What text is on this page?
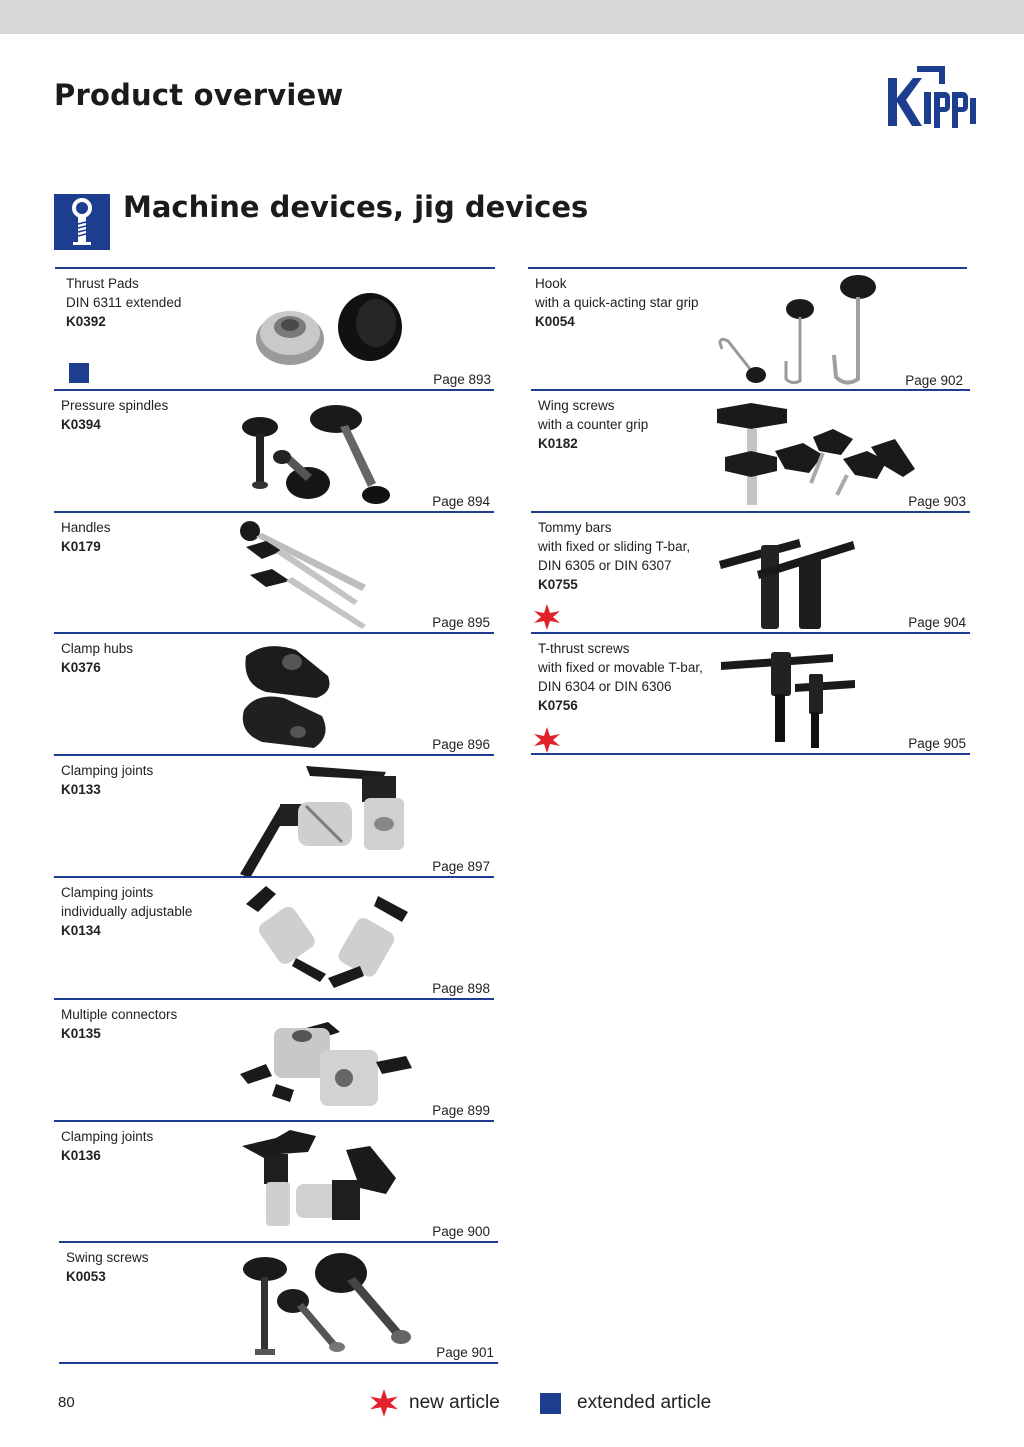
Product overview
Machine devices, jig devices
Thrust Pads
DIN 6311 extended
K0392
Page 893
Pressure spindles
K0394
Page 894
Handles
K0179
Page 895
Clamp hubs
K0376
Page 896
Clamping joints
K0133
Page 897
Clamping joints
individually adjustable
K0134
Page 898
Multiple connectors
K0135
Page 899
Clamping joints
K0136
Page 900
Swing screws
K0053
Page 901
Hook
with a quick-acting star grip
K0054
Page 902
Wing screws
with a counter grip
K0182
Page 903
Tommy bars
with fixed or sliding T-bar,
DIN 6305 or DIN 6307
K0755
Page 904
T-thrust screws
with fixed or movable T-bar,
DIN 6304 or DIN 6306
K0756
Page 905
80	new article	extended article
